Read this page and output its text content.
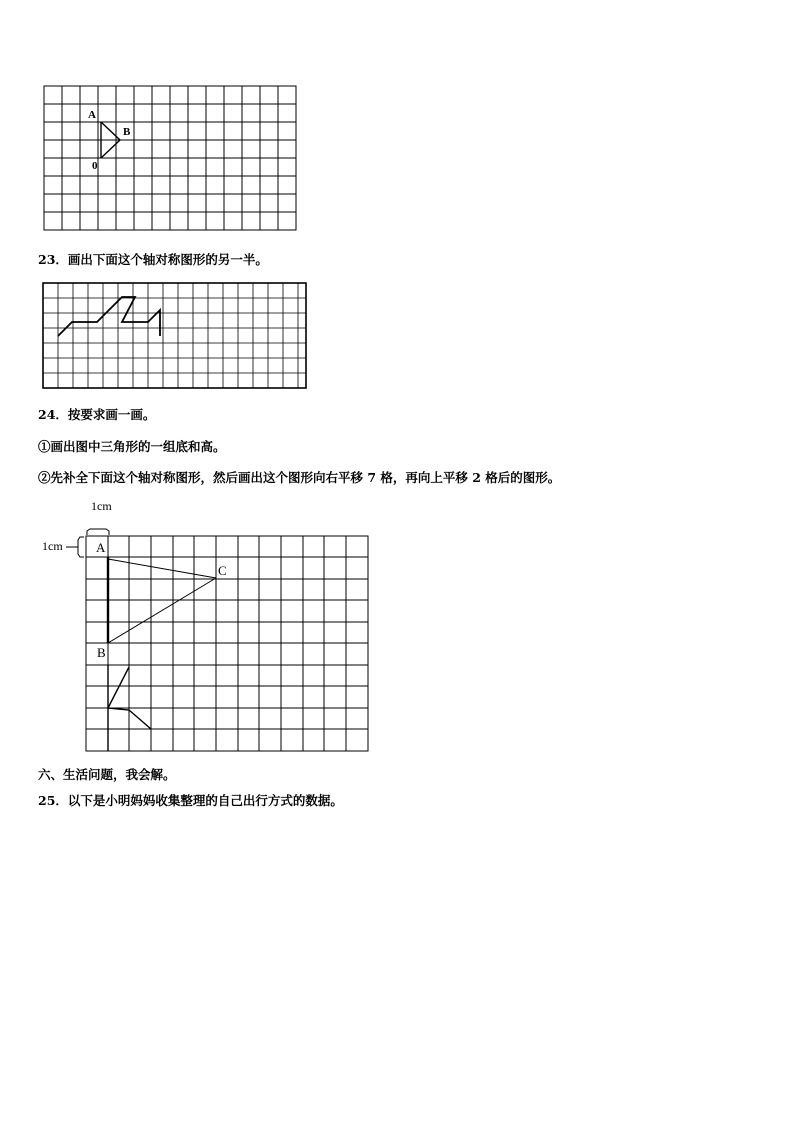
A
B
0
23．画出下面这个轴对称图形的另一半。
24．按要求画一画。
①画出图中三角形的一组底和高。
②先补全下面这个轴对称图形，然后画出这个图形向右平移 7 格，再向上平移 2 格后的图形。
1cm
1cm	A
B
C
六、生活问题，我会解。
25．以下是小明妈妈收集整理的自己出行方式的数据。
